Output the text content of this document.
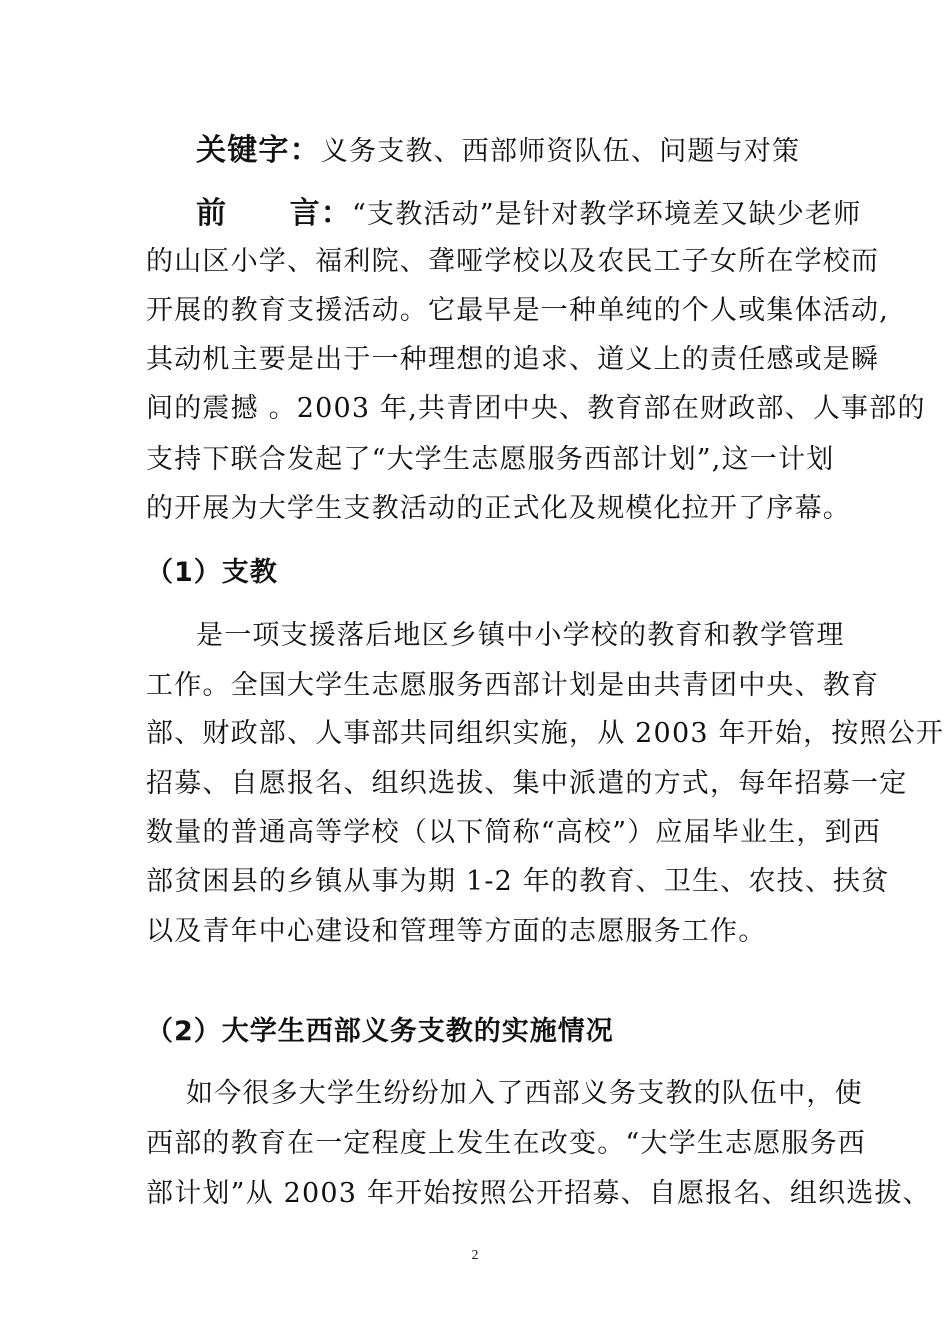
关键字：义务支教、西部师资队伍、问题与对策
前　　言：“支教活动”是针对教学环境差又缺少老师
的山区小学、福利院、聋哑学校以及农民工子女所在学校而
开展的教育支援活动。它最早是一种单纯的个人或集体活动,
其动机主要是出于一种理想的追求、道义上的责任感或是瞬
间的震撼 。2003 年,共青团中央、教育部在财政部、人事部的
支持下联合发起了“大学生志愿服务西部计划”,这一计划
的开展为大学生支教活动的正式化及规模化拉开了序幕。
（1）支教
是一项支援落后地区乡镇中小学校的教育和教学管理
工作。全国大学生志愿服务西部计划是由共青团中央、教育
部、财政部、人事部共同组织实施，从 2003 年开始，按照公开
招募、自愿报名、组织选拔、集中派遣的方式，每年招募一定
数量的普通高等学校（以下简称“高校”）应届毕业生，到西
部贫困县的乡镇从事为期 1-2 年的教育、卫生、农技、扶贫
以及青年中心建设和管理等方面的志愿服务工作。
（2）大学生西部义务支教的实施情况
如今很多大学生纷纷加入了西部义务支教的队伍中，使
西部的教育在一定程度上发生在改变。“大学生志愿服务西
部计划”从 2003 年开始按照公开招募、自愿报名、组织选拔、
2
